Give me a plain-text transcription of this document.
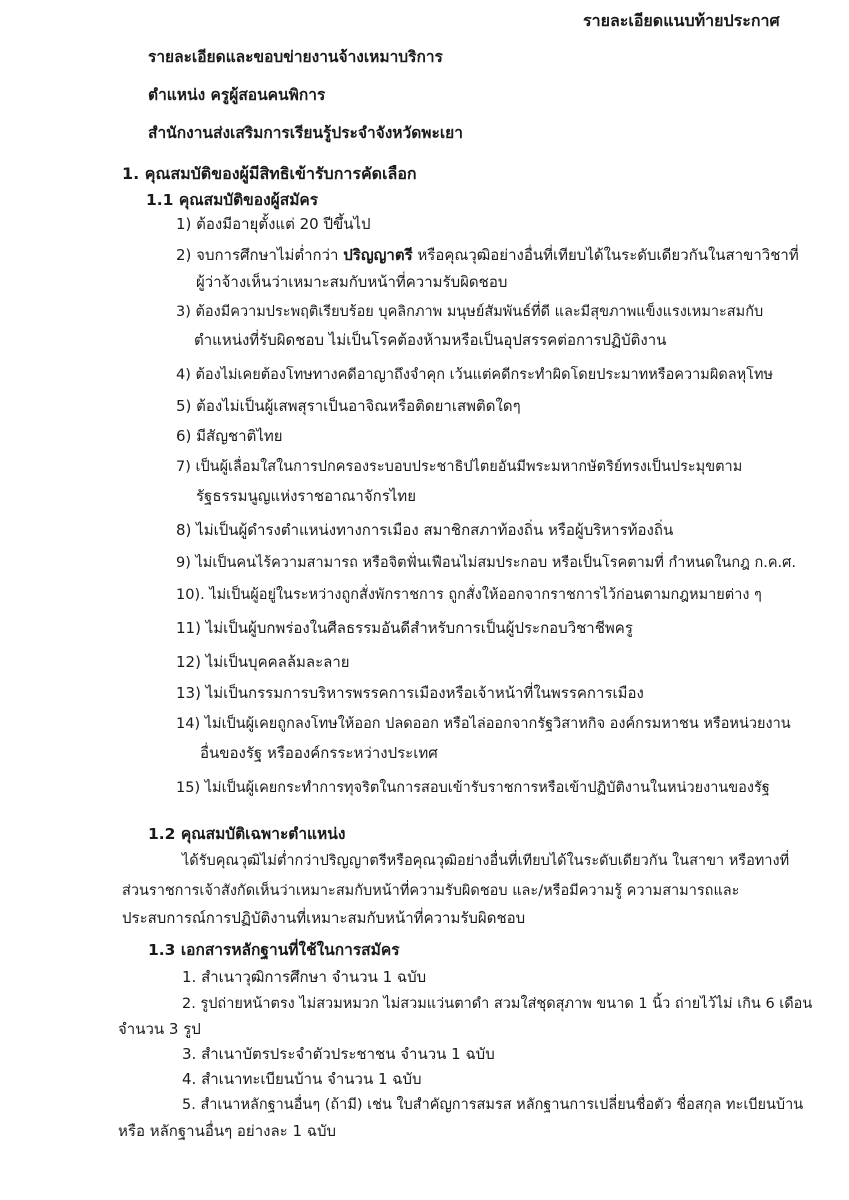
รายละเอียดแนบท้ายประกาศ
รายละเอียดและขอบข่ายงานจ้างเหมาบริการ
ตำแหน่ง ครูผู้สอนคนพิการ
สำนักงานส่งเสริมการเรียนรู้ประจำจังหวัดพะเยา
1. คุณสมบัติของผู้มีสิทธิเข้ารับการคัดเลือก
1.1 คุณสมบัติของผู้สมัคร
1) ต้องมีอายุตั้งแต่ 20 ปีขึ้นไป
2) จบการศึกษาไม่ต่ำกว่า ปริญญาตรี หรือคุณวุฒิอย่างอื่นที่เทียบได้ในระดับเดียวกันในสาขาวิชาที่
ผู้ว่าจ้างเห็นว่าเหมาะสมกับหน้าที่ความรับผิดชอบ
3) ต้องมีความประพฤติเรียบร้อย บุคลิกภาพ มนุษย์สัมพันธ์ที่ดี และมีสุขภาพแข็งแรงเหมาะสมกับ
ตำแหน่งที่รับผิดชอบ ไม่เป็นโรคต้องห้ามหรือเป็นอุปสรรคต่อการปฏิบัติงาน
4) ต้องไม่เคยต้องโทษทางคดีอาญาถึงจำคุก เว้นแต่คดีกระทำผิดโดยประมาทหรือความผิดลหุโทษ
5) ต้องไม่เป็นผู้เสพสุราเป็นอาจิณหรือติดยาเสพติดใดๆ
6) มีสัญชาติไทย
7) เป็นผู้เลื่อมใสในการปกครองระบอบประชาธิปไตยอันมีพระมหากษัตริย์ทรงเป็นประมุขตาม
รัฐธรรมนูญแห่งราชอาณาจักรไทย
8) ไม่เป็นผู้ดำรงตำแหน่งทางการเมือง สมาชิกสภาท้องถิ่น หรือผู้บริหารท้องถิ่น
9) ไม่เป็นคนไร้ความสามารถ หรือจิตฟั่นเฟือนไม่สมประกอบ หรือเป็นโรคตามที่ กำหนดในกฎ ก.ค.ศ.
10). ไม่เป็นผู้อยู่ในระหว่างถูกสั่งพักราชการ ถูกสั่งให้ออกจากราชการไว้ก่อนตามกฎหมายต่าง ๆ
11) ไม่เป็นผู้บกพร่องในศีลธรรมอันดีสำหรับการเป็นผู้ประกอบวิชาชีพครู
12) ไม่เป็นบุคคลล้มละลาย
13) ไม่เป็นกรรมการบริหารพรรคการเมืองหรือเจ้าหน้าที่ในพรรคการเมือง
14) ไม่เป็นผู้เคยถูกลงโทษให้ออก ปลดออก หรือไล่ออกจากรัฐวิสาหกิจ องค์กรมหาชน หรือหน่วยงาน
อื่นของรัฐ หรือองค์กรระหว่างประเทศ
15) ไม่เป็นผู้เคยกระทำการทุจริตในการสอบเข้ารับราชการหรือเข้าปฏิบัติงานในหน่วยงานของรัฐ
1.2 คุณสมบัติเฉพาะตำแหน่ง
ได้รับคุณวุฒิไม่ต่ำกว่าปริญญาตรีหรือคุณวุฒิอย่างอื่นที่เทียบได้ในระดับเดียวกัน ในสาขา หรือทางที่
ส่วนราชการเจ้าสังกัดเห็นว่าเหมาะสมกับหน้าที่ความรับผิดชอบ และ/หรือมีความรู้ ความสามารถและ
ประสบการณ์การปฏิบัติงานที่เหมาะสมกับหน้าที่ความรับผิดชอบ
1.3 เอกสารหลักฐานที่ใช้ในการสมัคร
1. สำเนาวุฒิการศึกษา จำนวน 1 ฉบับ
2. รูปถ่ายหน้าตรง ไม่สวมหมวก ไม่สวมแว่นตาดำ สวมใส่ชุดสุภาพ ขนาด 1 นิ้ว ถ่ายไว้ไม่ เกิน 6 เดือน
จำนวน 3 รูป
3. สำเนาบัตรประจำตัวประชาชน จำนวน 1 ฉบับ
4. สำเนาทะเบียนบ้าน จำนวน 1 ฉบับ
5. สำเนาหลักฐานอื่นๆ (ถ้ามี) เช่น ใบสำคัญการสมรส หลักฐานการเปลี่ยนชื่อตัว ชื่อสกุล ทะเบียนบ้าน
หรือ หลักฐานอื่นๆ อย่างละ 1 ฉบับ
